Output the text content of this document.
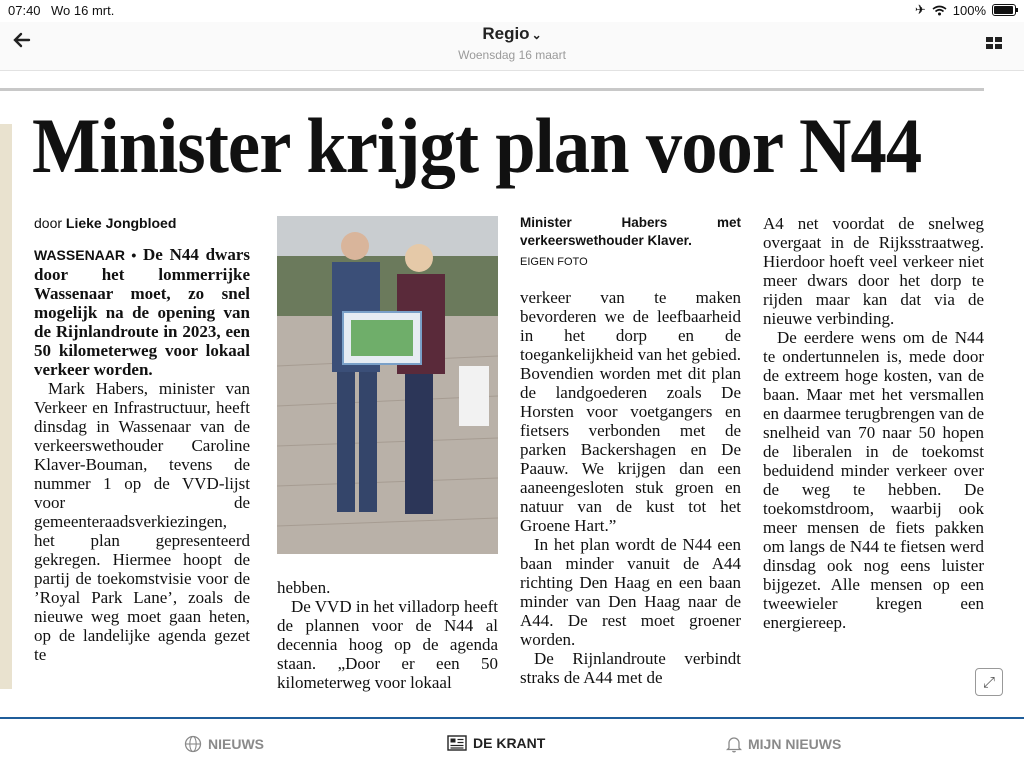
07:40 Wo 16 mrt.	✈ 100%
Regio ⌄
Woensdag 16 maart
Minister krijgt plan voor N44
door Lieke Jongbloed

WASSENAAR • De N44 dwars door het lommerrijke Wassenaar moet, zo snel mogelijk na de opening van de Rijnlandroute in 2023, een 50 kilometerweg voor lokaal verkeer worden.

Mark Habers, minister van Verkeer en Infrastructuur, heeft dinsdag in Wassenaar van de verkeerswethouder Caroline Klaver-Bouman, tevens de nummer 1 op de VVD-lijst voor de gemeenteraadsverkiezingen, het plan gepresenteerd gekregen. Hiermee hoopt de partij de toekomstvisie voor de ’Royal Park Lane’, zoals de nieuwe weg moet gaan heten, op de landelijke agenda gezet te

hebben.

De VVD in het villadorp heeft de plannen voor de N44 al decennia hoog op de agenda staan. „Door er een 50 kilometerweg voor lokaal

Minister Habers met verkeerswethouder Klaver.
EIGEN FOTO

verkeer van te maken bevorderen we de leefbaarheid in het dorp en de toegankelijkheid van het gebied. Bovendien worden met dit plan de landgoederen zoals De Horsten voor voetgangers en fietsers verbonden met de parken Backershagen en De Paauw. We krijgen dan een aaneengesloten stuk groen en natuur van de kust tot het Groene Hart.”

In het plan wordt de N44 een baan minder vanuit de A44 richting Den Haag en een baan minder van Den Haag naar de A44. De rest moet groener worden.

De Rijnlandroute verbindt straks de A44 met de

A4 net voordat de snelweg overgaat in de Rijksstraatweg. Hierdoor hoeft veel verkeer niet meer dwars door het dorp te rijden maar kan dat via de nieuwe verbinding.

De eerdere wens om de N44 te ondertunnelen is, mede door de extreem hoge kosten, van de baan. Maar met het versmallen en daarmee terugbrengen van de snelheid van 70 naar 50 hopen de liberalen in de toekomst beduidend minder verkeer over de weg te hebben. De toekomstdroom, waarbij ook meer mensen de fiets pakken om langs de N44 te fietsen werd dinsdag ook nog eens luister bijgezet. Alle mensen op een tweewieler kregen een energiereep.

⤢
NIEUWS	DE KRANT	MIJN NIEUWS
